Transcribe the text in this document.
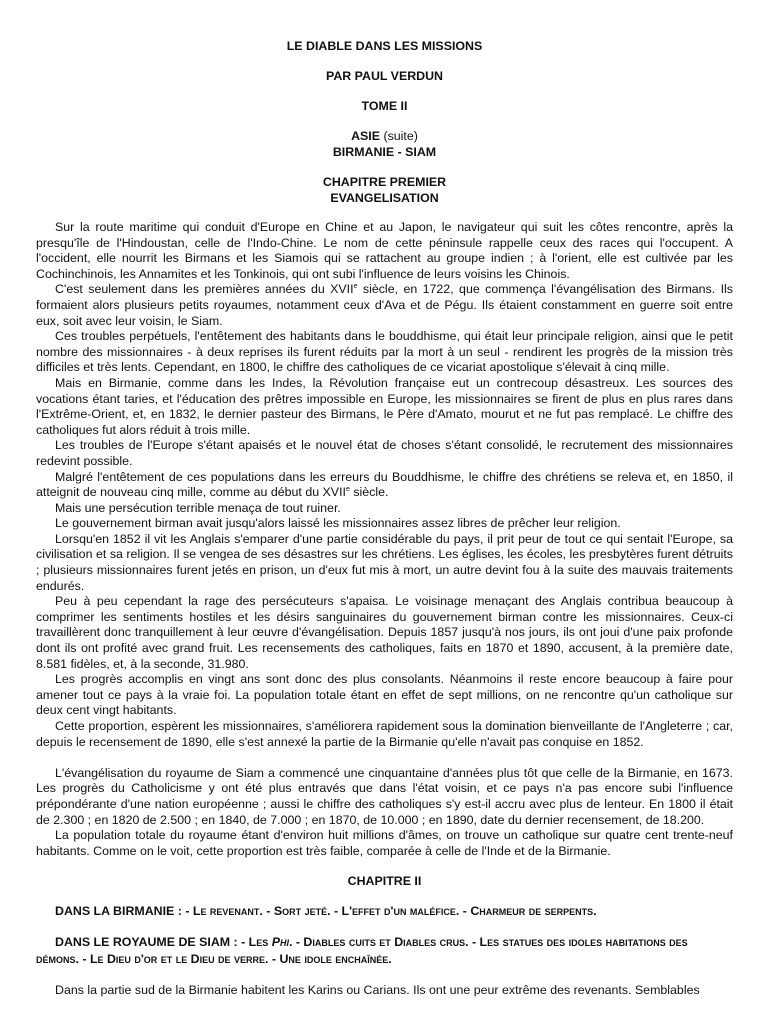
LE DIABLE DANS LES MISSIONS
PAR PAUL VERDUN
TOME II
ASIE (suite)
BIRMANIE - SIAM
CHAPITRE PREMIER
EVANGELISATION

Sur la route maritime qui conduit d'Europe en Chine et au Japon, le navigateur qui suit les côtes rencontre, après la presqu'île de l'Hindoustan, celle de l'Indo-Chine. Le nom de cette péninsule rappelle ceux des races qui l'occupent. A l'occident, elle nourrit les Birmans et les Siamois qui se rattachent au groupe indien ; à l'orient, elle est cultivée par les Cochinchinois, les Annamites et les Tonkinois, qui ont subi l'influence de leurs voisins les Chinois.

C'est seulement dans les premières années du XVIIe siècle, en 1722, que commença l'évangélisation des Birmans. Ils formaient alors plusieurs petits royaumes, notamment ceux d'Ava et de Pégu. Ils étaient constamment en guerre soit entre eux, soit avec leur voisin, le Siam.

Ces troubles perpétuels, l'entêtement des habitants dans le bouddhisme, qui était leur principale religion, ainsi que le petit nombre des missionnaires - à deux reprises ils furent réduits par la mort à un seul - rendirent les progrès de la mission très difficiles et très lents. Cependant, en 1800, le chiffre des catholiques de ce vicariat apostolique s'élevait à cinq mille.

Mais en Birmanie, comme dans les Indes, la Révolution française eut un contrecoup désastreux. Les sources des vocations étant taries, et l'éducation des prêtres impossible en Europe, les missionnaires se firent de plus en plus rares dans l'Extrême-Orient, et, en 1832, le dernier pasteur des Birmans, le Père d'Amato, mourut et ne fut pas remplacé. Le chiffre des catholiques fut alors réduit à trois mille.

Les troubles de l'Europe s'étant apaisés et le nouvel état de choses s'étant consolidé, le recrutement des missionnaires redevint possible.

Malgré l'entêtement de ces populations dans les erreurs du Bouddhisme, le chiffre des chrétiens se releva et, en 1850, il atteignit de nouveau cinq mille, comme au début du XVIIe siècle.

Mais une persécution terrible menaça de tout ruiner.

Le gouvernement birman avait jusqu'alors laissé les missionnaires assez libres de prêcher leur religion.

Lorsqu'en 1852 il vit les Anglais s'emparer d'une partie considérable du pays, il prit peur de tout ce qui sentait l'Europe, sa civilisation et sa religion. Il se vengea de ses désastres sur les chrétiens. Les églises, les écoles, les presbytères furent détruits ; plusieurs missionnaires furent jetés en prison, un d'eux fut mis à mort, un autre devint fou à la suite des mauvais traitements endurés.

Peu à peu cependant la rage des persécuteurs s'apaisa. Le voisinage menaçant des Anglais contribua beaucoup à comprimer les sentiments hostiles et les désirs sanguinaires du gouvernement birman contre les missionnaires. Ceux-ci travaillèrent donc tranquillement à leur œuvre d'évangélisation. Depuis 1857 jusqu'à nos jours, ils ont joui d'une paix profonde dont ils ont profité avec grand fruit. Les recensements des catholiques, faits en 1870 et 1890, accusent, à la première date, 8.581 fidèles, et, à la seconde, 31.980.

Les progrès accomplis en vingt ans sont donc des plus consolants. Néanmoins il reste encore beaucoup à faire pour amener tout ce pays à la vraie foi. La population totale étant en effet de sept millions, on ne rencontre qu'un catholique sur deux cent vingt habitants.

Cette proportion, espèrent les missionnaires, s'améliorera rapidement sous la domination bienveillante de l'Angleterre ; car, depuis le recensement de 1890, elle s'est annexé la partie de la Birmanie qu'elle n'avait pas conquise en 1852.

L'évangélisation du royaume de Siam a commencé une cinquantaine d'années plus tôt que celle de la Birmanie, en 1673. Les progrès du Catholicisme y ont été plus entravés que dans l'état voisin, et ce pays n'a pas encore subi l'influence prépondérante d'une nation européenne ; aussi le chiffre des catholiques s'y est-il accru avec plus de lenteur. En 1800 il était de 2.300 ; en 1820 de 2.500 ; en 1840, de 7.000 ; en 1870, de 10.000 ; en 1890, date du dernier recensement, de 18.200.

La population totale du royaume étant d'environ huit millions d'âmes, on trouve un catholique sur quatre cent trente-neuf habitants. Comme on le voit, cette proportion est très faible, comparée à celle de l'Inde et de la Birmanie.

CHAPITRE II
DANS LA BIRMANIE : - Le revenant. - Sort jeté. - L'effet d'un maléfice. - Charmeur de serpents.
DANS LE ROYAUME DE SIAM : - Les Phi. - Diables cuits et Diables crus. - Les statues des idoles habitations des démons. - Le Dieu d'or et le Dieu de verre. - Une idole enchaînée.
Dans la partie sud de la Birmanie habitent les Karins ou Carians. Ils ont une peur extrême des revenants. Semblables
